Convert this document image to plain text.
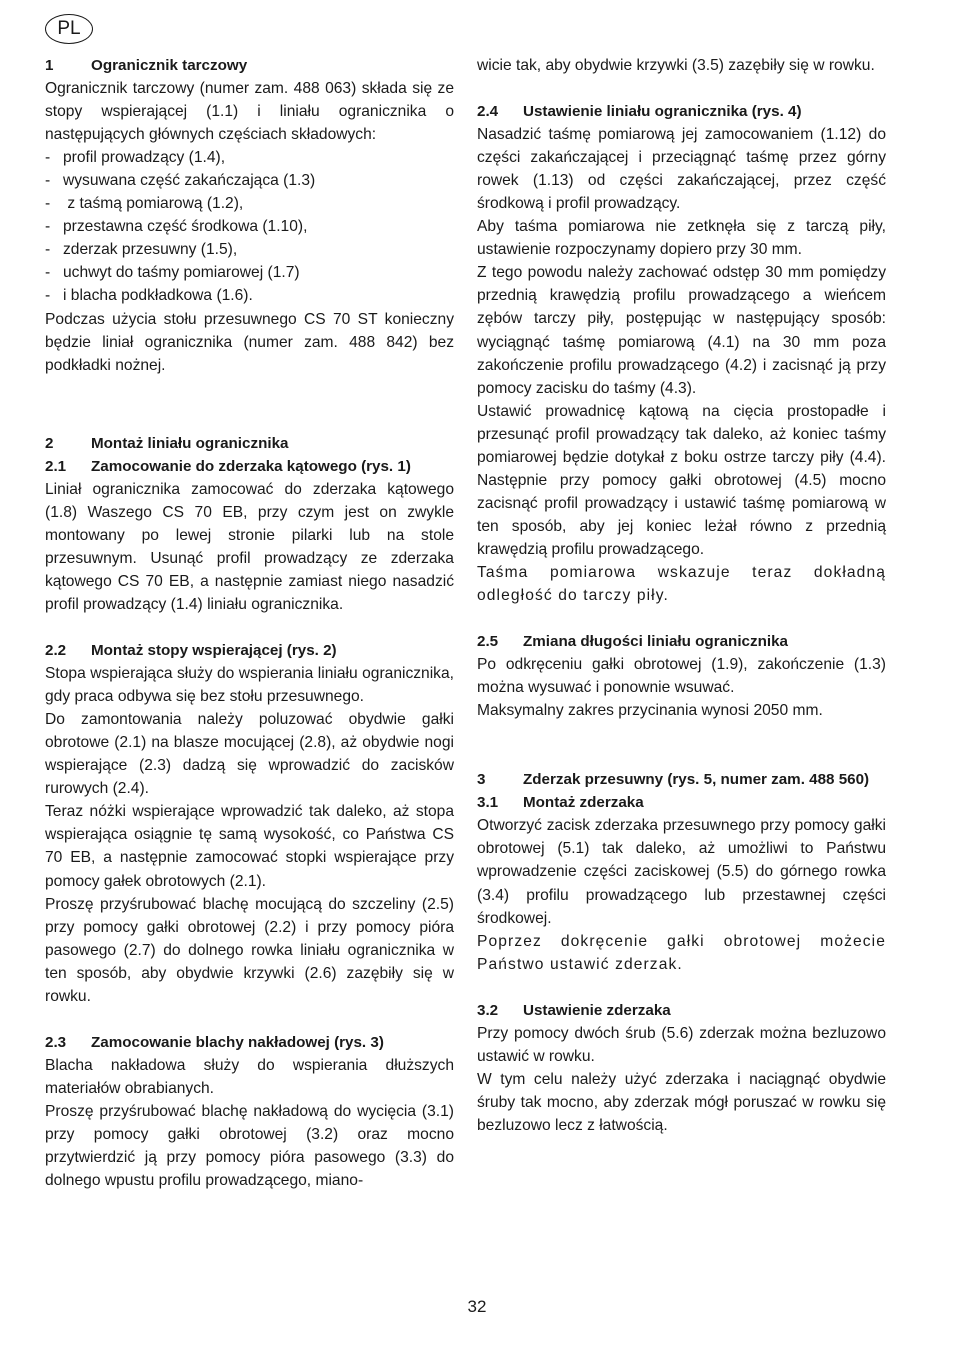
PL
1	Ogranicznik tarczowy

Ogranicznik tarczowy (numer zam. 488 063) składa się ze stopy wspierającej (1.1) i liniału ogranicznika o następujących głównych częściach składowych:

- profil prowadzący (1.4),
- wysuwana część zakańczająca (1.3)
- z taśmą pomiarową (1.2),
- przestawna część środkowa (1.10),
- zderzak przesuwny (1.5),
- uchwyt do taśmy pomiarowej (1.7)
- i blacha podkładkowa (1.6).

Podczas użycia stołu przesuwnego CS 70 ST konieczny będzie liniał ogranicznika (numer zam. 488 842) bez podkładki nożnej.

2	Montaż liniału ogranicznika
2.1	Zamocowanie do zderzaka kątowego (rys. 1)

Liniał ogranicznika zamocować do zderzaka kątowego (1.8) Waszego CS 70 EB, przy czym jest on zwykle montowany po lewej stronie pilarki lub na stole przesuwnym. Usunąć profil prowadzący ze zderzaka kątowego CS 70 EB, a następnie zamiast niego nasadzić profil prowadzący (1.4) liniału ogranicznika.

2.2	Montaż stopy wspierającej (rys. 2)

Stopa wspierająca służy do wspierania liniału ogranicznika, gdy praca odbywa się bez stołu przesuwnego.

Do zamontowania należy poluzować obydwie gałki obrotowe (2.1) na blasze mocującej (2.8), aż obydwie nogi wspierające (2.3) dadzą się wprowadzić do zacisków rurowych (2.4).

Teraz nóżki wspierające wprowadzić tak daleko, aż stopa wspierająca osiągnie tę samą wysokość, co Państwa CS 70 EB, a następnie zamocować stopki wspierające przy pomocy gałek obrotowych (2.1).

Proszę przyśrubować blachę mocującą do szczeliny (2.5) przy pomocy gałki obrotowej (2.2) i przy pomocy pióra pasowego (2.7) do dolnego rowka liniału ogranicznika w ten sposób, aby obydwie krzywki (2.6) zazębiły się w rowku.

2.3	Zamocowanie blachy nakładowej (rys. 3)

Blacha nakładowa służy do wspierania dłuższych materiałów obrabianych.

Proszę przyśrubować blachę nakładową do wycięcia (3.1) przy pomocy gałki obrotowej (3.2) oraz mocno przytwierdzić ją przy pomocy pióra pasowego (3.3) do dolnego wpustu profilu prowadzącego, miano-

wicie tak, aby obydwie krzywki (3.5) zazębiły się w rowku.

2.4	Ustawienie liniału ogranicznika (rys. 4)

Nasadzić taśmę pomiarową jej zamocowaniem (1.12) do części zakańczającej i przeciągnąć taśmę przez górny rowek (1.13) od części zakańczającej, przez część środkową i profil prowadzący.

Aby taśma pomiarowa nie zetknęła się z tarczą piły, ustawienie rozpoczynamy dopiero przy 30 mm.

Z tego powodu należy zachować odstęp 30 mm pomiędzy przednią krawędzią profilu prowadzącego a wieńcem zębów tarczy piły, postępując w następujący sposób: wyciągnąć taśmę pomiarową (4.1) na 30 mm poza zakończenie profilu prowadzącego (4.2) i zacisnąć ją przy pomocy zacisku do taśmy (4.3).

Ustawić prowadnicę kątową na cięcia prostopadłe i przesunąć profil prowadzący tak daleko, aż koniec taśmy pomiarowej będzie dotykał z boku ostrze tarczy piły (4.4). Następnie przy pomocy gałki obrotowej (4.5) mocno zacisnąć profil prowadzący i ustawić taśmę pomiarową w ten sposób, aby jej koniec leżał równo z przednią krawędzią profilu prowadzącego.

Taśma pomiarowa wskazuje teraz dokładną odległość do tarczy piły.

2.5	Zmiana długości liniału ogranicznika

Po odkręceniu gałki obrotowej (1.9), zakończenie (1.3) można wysuwać i ponownie wsuwać.

Maksymalny zakres przycinania wynosi 2050 mm.

3	Zderzak przesuwny (rys. 5, numer zam. 488 560)
3.1	Montaż zderzaka

Otworzyć zacisk zderzaka przesuwnego przy pomocy gałki obrotowej (5.1) tak daleko, aż umożliwi to Państwu wprowadzenie części zaciskowej (5.5) do górnego rowka (3.4) profilu prowadzącego lub przestawnej części środkowej.

Poprzez dokręcenie gałki obrotowej możecie Państwo ustawić zderzak.

3.2	Ustawienie zderzaka

Przy pomocy dwóch śrub (5.6) zderzak można bezluzowo ustawić w rowku.

W tym celu należy użyć zderzaka i naciągnąć obydwie śruby tak mocno, aby zderzak mógł poruszać w rowku się bezluzowo lecz z łatwością.

32
